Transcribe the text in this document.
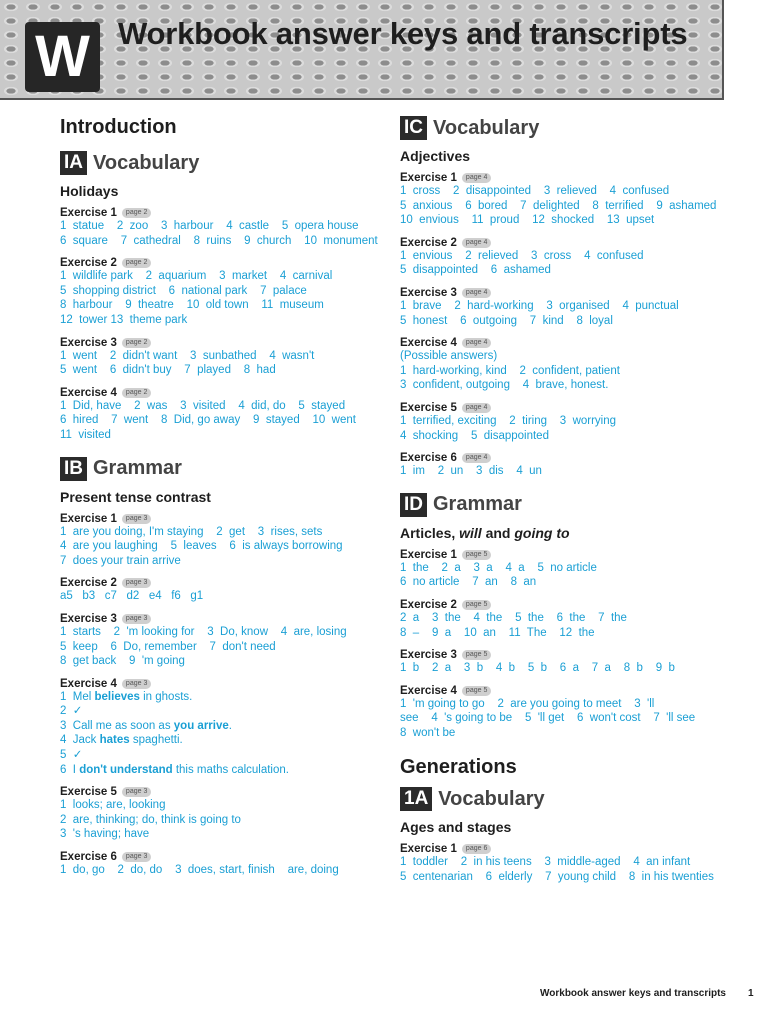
W Workbook answer keys and transcripts
Introduction
IA Vocabulary
Holidays
Exercise 1	page 2
1  statue    2  zoo    3  harbour    4  castle    5  opera house
6  square    7  cathedral    8  ruins    9  church    10  monument
Exercise 2	page 2
1  wildlife park    2  aquarium    3  market    4  carnival
5  shopping district    6  national park    7  palace
8  harbour    9  theatre    10  old town    11  museum
12  tower 13  theme park
Exercise 3	page 2
1  went    2  didn't want    3  sunbathed    4  wasn't
5  went    6  didn't buy    7  played    8  had
Exercise 4	page 2
1  Did, have    2  was    3  visited    4  did, do    5  stayed
6  hired    7  went    8  Did, go away    9  stayed    10  went
11  visited
IB Grammar
Present tense contrast
Exercise 1	page 3
1  are you doing, I'm staying    2  get    3  rises, sets
4  are you laughing    5  leaves    6  is always borrowing
7  does your train arrive
Exercise 2	page 3
a5   b3   c7   d2   e4   f6   g1
Exercise 3	page 3
1  starts    2  'm looking for    3  Do, know    4  are, losing
5  keep    6  Do, remember    7  don't need
8  get back    9  'm going
Exercise 4	page 3
1  Mel believes in ghosts.
2  ✓
3  Call me as soon as you arrive.
4  Jack hates spaghetti.
5  ✓
6  I don't understand this maths calculation.
Exercise 5	page 3
1  looks; are, looking
2  are, thinking; do, think is going to
3  's having; have
Exercise 6	page 3
1  do, go    2  do, do    3  does, start, finish    are, doing
IC Vocabulary
Adjectives
Exercise 1	page 4
1  cross    2  disappointed    3  relieved    4  confused
5  anxious    6  bored    7  delighted    8  terrified    9  ashamed
10  envious    11  proud    12  shocked    13  upset
Exercise 2	page 4
1  envious    2  relieved    3  cross    4  confused
5  disappointed    6  ashamed
Exercise 3	page 4
1  brave    2  hard-working    3  organised    4  punctual
5  honest    6  outgoing    7  kind    8  loyal
Exercise 4	page 4
(Possible answers)
1  hard-working, kind    2  confident, patient
3  confident, outgoing    4  brave, honest.
Exercise 5	page 4
1  terrified, exciting    2  tiring    3  worrying
4  shocking    5  disappointed
Exercise 6	page 4
1  im    2  un    3  dis    4  un
ID Grammar
Articles, will and going to
Exercise 1	page 5
1  the    2  a    3  a    4  a    5  no article
6  no article    7  an    8  an
Exercise 2	page 5
2  a    3  the    4  the    5  the    6  the    7  the
8  –    9  a    10  an    11  The    12  the
Exercise 3	page 5
1  b    2  a    3  b    4  b    5  b    6  a    7  a    8  b    9  b
Exercise 4	page 5
1  'm going to go    2  are you going to meet    3  'll
see    4  's going to be    5  'll get    6  won't cost    7  'll see
8  won't be
Generations
1A Vocabulary
Ages and stages
Exercise 1	page 6
1  toddler    2  in his teens    3  middle-aged    4  an infant
5  centenarian    6  elderly    7  young child    8  in his twenties
Workbook answer keys and transcripts 1
